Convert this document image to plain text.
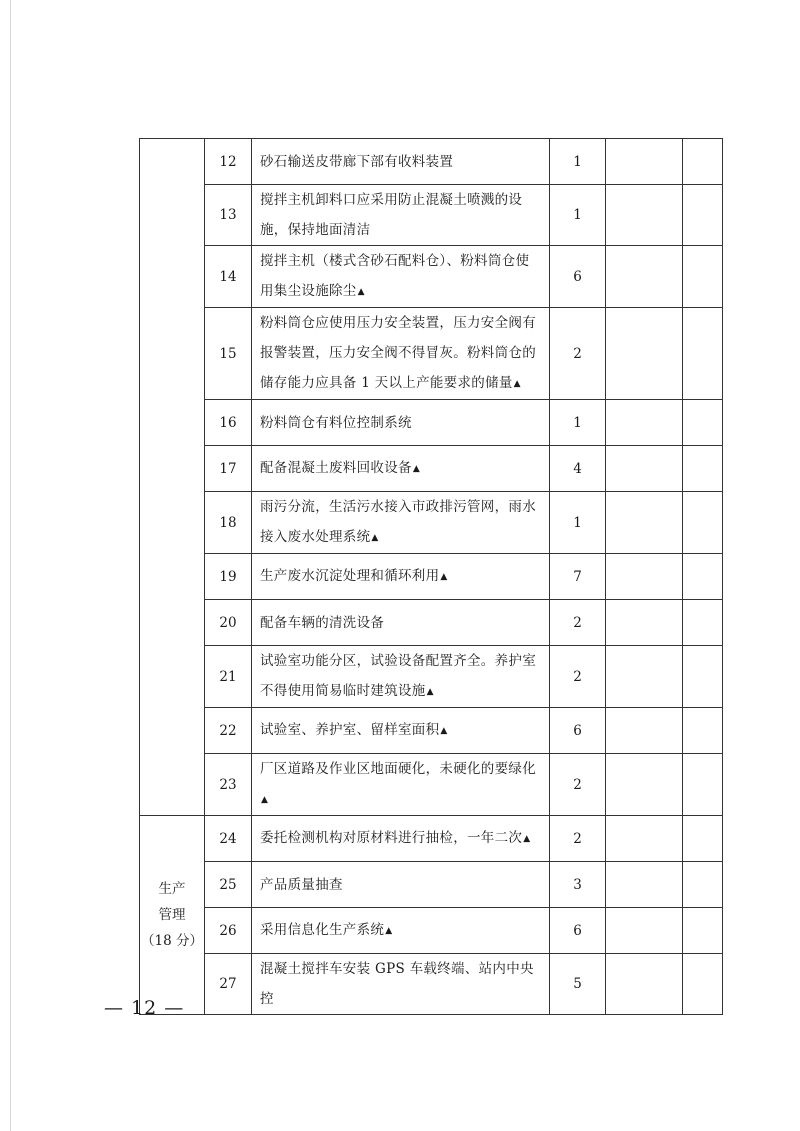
	12	砂石输送皮带廊下部有收料装置	1		
	13	搅拌主机卸料口应采用防止混凝土喷溅的设施，保持地面清洁	1		
	14	搅拌主机（楼式含砂石配料仓）、粉料筒仓使用集尘设施除尘▲	6		
	15	粉料筒仓应使用压力安全装置，压力安全阀有报警装置，压力安全阀不得冒灰。粉料筒仓的储存能力应具备 1 天以上产能要求的储量▲	2		
	16	粉料筒仓有料位控制系统	1		
	17	配备混凝土废料回收设备▲	4		
	18	雨污分流，生活污水接入市政排污管网，雨水接入废水处理系统▲	1		
	19	生产废水沉淀处理和循环利用▲	7		
	20	配备车辆的清洗设备	2		
	21	试验室功能分区，试验设备配置齐全。养护室不得使用简易临时建筑设施▲	2		
	22	试验室、养护室、留样室面积▲	6		
	23	厂区道路及作业区地面硬化，未硬化的要绿化▲	2		

生产
管理
（18 分）	24	委托检测机构对原材料进行抽检，一年二次▲	2		
	25	产品质量抽查	3		
	26	采用信息化生产系统▲	6		
	27	混凝土搅拌车安装 GPS 车载终端、站内中央控	5		
— 12 —
